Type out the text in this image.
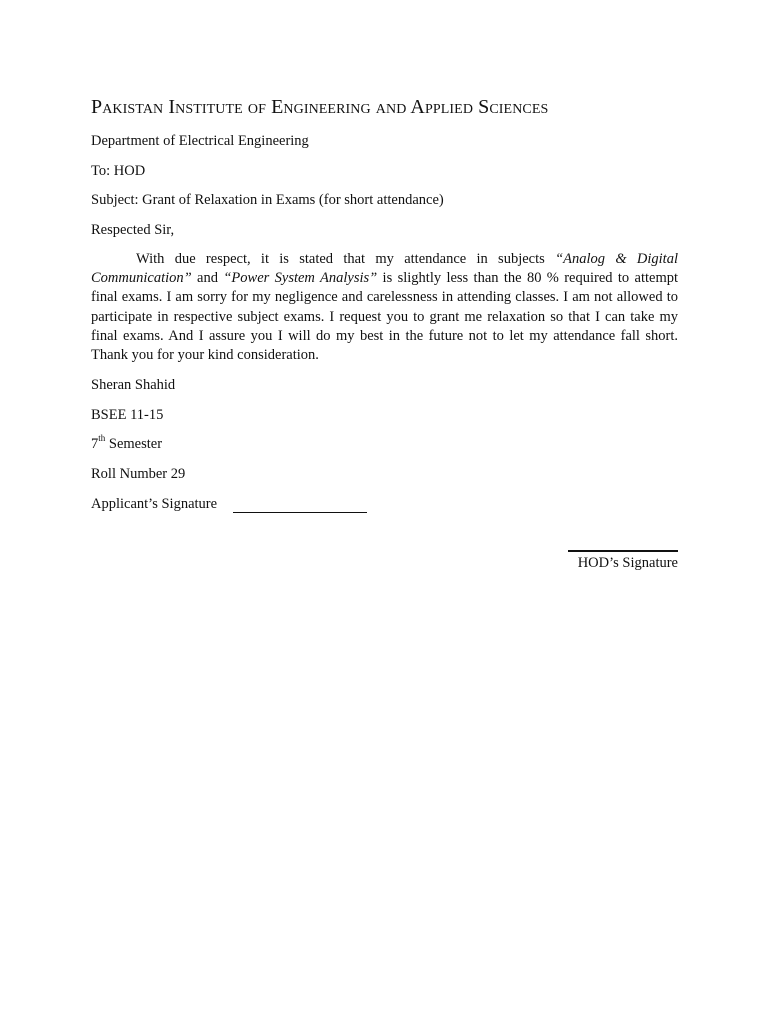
Pakistan Institute of Engineering and Applied Sciences
Department of Electrical Engineering
To: HOD
Subject: Grant of Relaxation in Exams (for short attendance)
Respected Sir,
With due respect, it is stated that my attendance in subjects “Analog & Digital Communication” and “Power System Analysis” is slightly less than the 80 % required to attempt final exams. I am sorry for my negligence and carelessness in attending classes. I am not allowed to participate in respective subject exams. I request you to grant me relaxation so that I can take my final exams. And I assure you I will do my best in the future not to let my attendance fall short. Thank you for your kind consideration.
Sheran Shahid
BSEE 11-15
7th Semester
Roll Number 29
Applicant’s Signature
HOD’s Signature
